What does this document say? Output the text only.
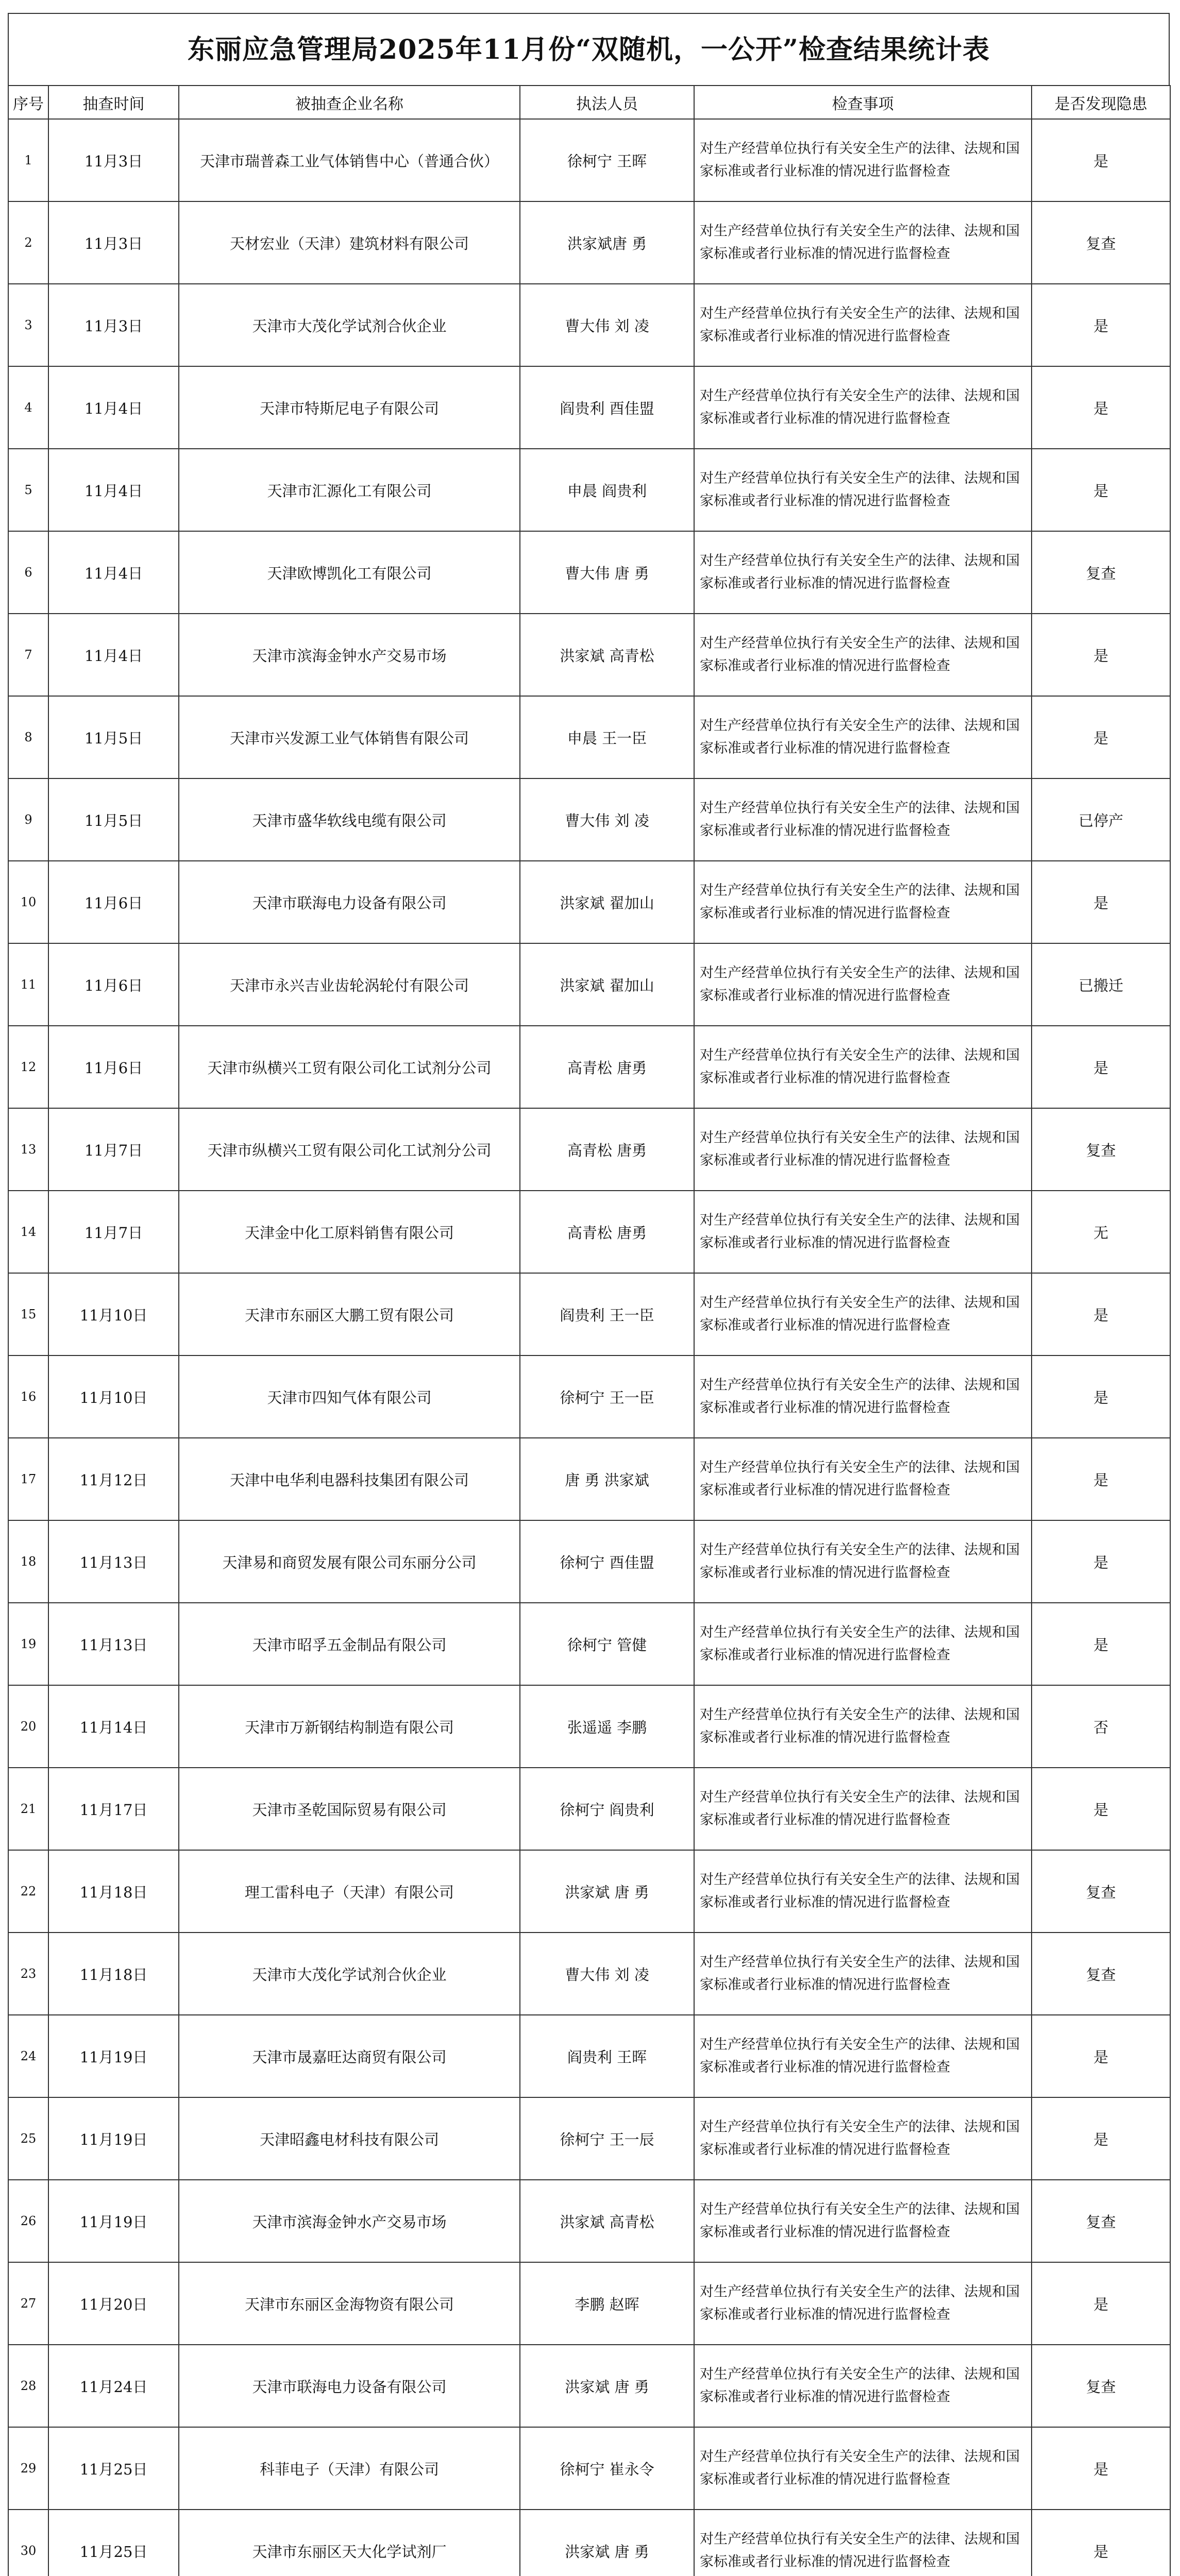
东丽应急管理局2025年11月份“双随机，一公开”检查结果统计表
序号	抽查时间	被抽查企业名称	执法人员	检查事项	是否发现隐患
1	11月3日	天津市瑞普森工业气体销售中心（普通合伙）	徐柯宁 王晖	对生产经营单位执行有关安全生产的法律、法规和国家标准或者行业标准的情况进行监督检查	是
2	11月3日	天材宏业（天津）建筑材料有限公司	洪家斌唐 勇	对生产经营单位执行有关安全生产的法律、法规和国家标准或者行业标准的情况进行监督检查	复查
3	11月3日	天津市大茂化学试剂合伙企业	曹大伟 刘 凌	对生产经营单位执行有关安全生产的法律、法规和国家标准或者行业标准的情况进行监督检查	是
4	11月4日	天津市特斯尼电子有限公司	阎贵利 酉佳盟	对生产经营单位执行有关安全生产的法律、法规和国家标准或者行业标准的情况进行监督检查	是
5	11月4日	天津市汇源化工有限公司	申晨 阎贵利	对生产经营单位执行有关安全生产的法律、法规和国家标准或者行业标准的情况进行监督检查	是
6	11月4日	天津欧博凯化工有限公司	曹大伟 唐 勇	对生产经营单位执行有关安全生产的法律、法规和国家标准或者行业标准的情况进行监督检查	复查
7	11月4日	天津市滨海金钟水产交易市场	洪家斌 高青松	对生产经营单位执行有关安全生产的法律、法规和国家标准或者行业标准的情况进行监督检查	是
8	11月5日	天津市兴发源工业气体销售有限公司	申晨 王一臣	对生产经营单位执行有关安全生产的法律、法规和国家标准或者行业标准的情况进行监督检查	是
9	11月5日	天津市盛华软线电缆有限公司	曹大伟 刘 凌	对生产经营单位执行有关安全生产的法律、法规和国家标准或者行业标准的情况进行监督检查	已停产
10	11月6日	天津市联海电力设备有限公司	洪家斌 翟加山	对生产经营单位执行有关安全生产的法律、法规和国家标准或者行业标准的情况进行监督检查	是
11	11月6日	天津市永兴吉业齿轮涡轮付有限公司	洪家斌 翟加山	对生产经营单位执行有关安全生产的法律、法规和国家标准或者行业标准的情况进行监督检查	已搬迁
12	11月6日	天津市纵横兴工贸有限公司化工试剂分公司	高青松 唐勇	对生产经营单位执行有关安全生产的法律、法规和国家标准或者行业标准的情况进行监督检查	是
13	11月7日	天津市纵横兴工贸有限公司化工试剂分公司	高青松 唐勇	对生产经营单位执行有关安全生产的法律、法规和国家标准或者行业标准的情况进行监督检查	复查
14	11月7日	天津金中化工原料销售有限公司	高青松 唐勇	对生产经营单位执行有关安全生产的法律、法规和国家标准或者行业标准的情况进行监督检查	无
15	11月10日	天津市东丽区大鹏工贸有限公司	阎贵利 王一臣	对生产经营单位执行有关安全生产的法律、法规和国家标准或者行业标准的情况进行监督检查	是
16	11月10日	天津市四知气体有限公司	徐柯宁 王一臣	对生产经营单位执行有关安全生产的法律、法规和国家标准或者行业标准的情况进行监督检查	是
17	11月12日	天津中电华利电器科技集团有限公司	唐 勇 洪家斌	对生产经营单位执行有关安全生产的法律、法规和国家标准或者行业标准的情况进行监督检查	是
18	11月13日	天津易和商贸发展有限公司东丽分公司	徐柯宁 酉佳盟	对生产经营单位执行有关安全生产的法律、法规和国家标准或者行业标准的情况进行监督检查	是
19	11月13日	天津市昭孚五金制品有限公司	徐柯宁 管健	对生产经营单位执行有关安全生产的法律、法规和国家标准或者行业标准的情况进行监督检查	是
20	11月14日	天津市万新钢结构制造有限公司	张遥遥 李鹏	对生产经营单位执行有关安全生产的法律、法规和国家标准或者行业标准的情况进行监督检查	否
21	11月17日	天津市圣乾国际贸易有限公司	徐柯宁 阎贵利	对生产经营单位执行有关安全生产的法律、法规和国家标准或者行业标准的情况进行监督检查	是
22	11月18日	理工雷科电子（天津）有限公司	洪家斌 唐 勇	对生产经营单位执行有关安全生产的法律、法规和国家标准或者行业标准的情况进行监督检查	复查
23	11月18日	天津市大茂化学试剂合伙企业	曹大伟 刘 凌	对生产经营单位执行有关安全生产的法律、法规和国家标准或者行业标准的情况进行监督检查	复查
24	11月19日	天津市晟嘉旺达商贸有限公司	阎贵利 王晖	对生产经营单位执行有关安全生产的法律、法规和国家标准或者行业标准的情况进行监督检查	是
25	11月19日	天津昭鑫电材科技有限公司	徐柯宁 王一辰	对生产经营单位执行有关安全生产的法律、法规和国家标准或者行业标准的情况进行监督检查	是
26	11月19日	天津市滨海金钟水产交易市场	洪家斌 高青松	对生产经营单位执行有关安全生产的法律、法规和国家标准或者行业标准的情况进行监督检查	复查
27	11月20日	天津市东丽区金海物资有限公司	李鹏 赵晖	对生产经营单位执行有关安全生产的法律、法规和国家标准或者行业标准的情况进行监督检查	是
28	11月24日	天津市联海电力设备有限公司	洪家斌 唐 勇	对生产经营单位执行有关安全生产的法律、法规和国家标准或者行业标准的情况进行监督检查	复查
29	11月25日	科菲电子（天津）有限公司	徐柯宁 崔永令	对生产经营单位执行有关安全生产的法律、法规和国家标准或者行业标准的情况进行监督检查	是
30	11月25日	天津市东丽区天大化学试剂厂	洪家斌 唐 勇	对生产经营单位执行有关安全生产的法律、法规和国家标准或者行业标准的情况进行监督检查	是
